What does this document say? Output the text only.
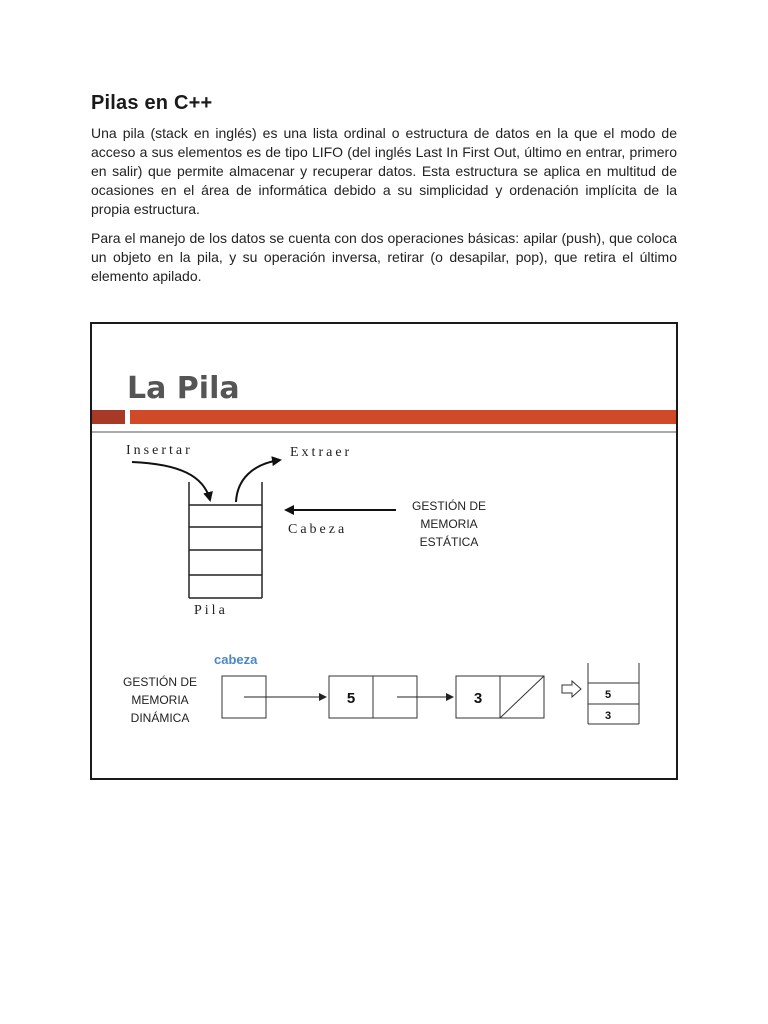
Pilas en C++

Una pila (stack en inglés) es una lista ordinal o estructura de datos en la que el modo de acceso a sus elementos es de tipo LIFO (del inglés Last In First Out, último en entrar, primero en salir) que permite almacenar y recuperar datos. Esta estructura se aplica en multitud de ocasiones en el área de informática debido a su simplicidad y ordenación implícita de la propia estructura.

Para el manejo de los datos se cuenta con dos operaciones básicas: apilar (push), que coloca un objeto en la pila, y su operación inversa, retirar (o desapilar, pop), que retira el último elemento apilado.

La Pila
Insertar	Extraer
Cabeza
Pila
GESTIÓN DE
MEMORIA
ESTÁTICA
GESTIÓN DE
MEMORIA
DINÁMICA
cabeza
5	3	5
3
